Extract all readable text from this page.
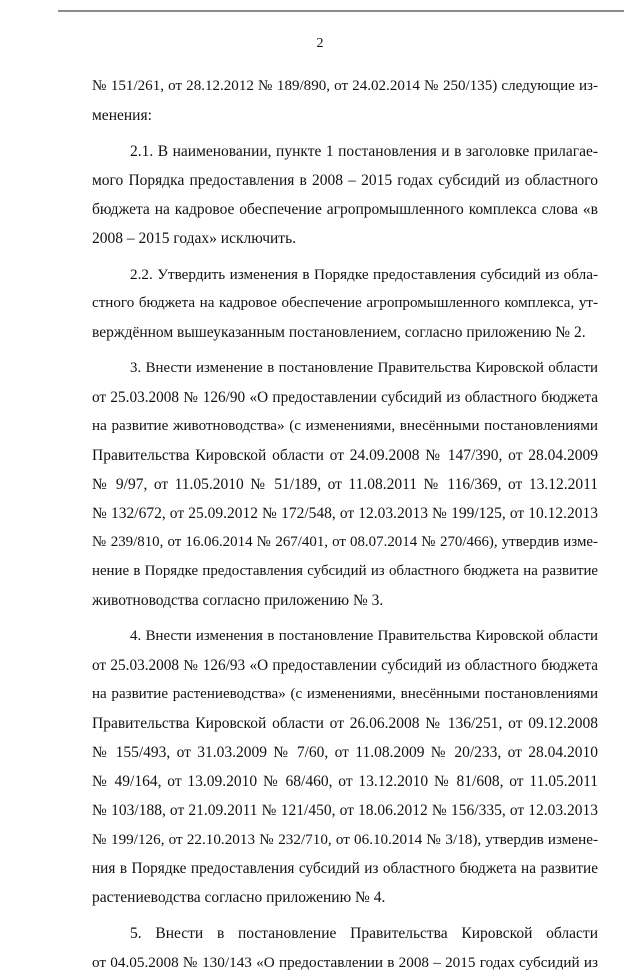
2
№ 151/261, от 28.12.2012 № 189/890, от 24.02.2014 № 250/135) следующие из-
менения:
2.1. В наименовании, пункте 1 постановления и в заголовке прилагае-
мого Порядка предоставления в 2008 – 2015 годах субсидий из областного
бюджета на кадровое обеспечение агропромышленного комплекса слова «в
2008 – 2015 годах» исключить.
2.2. Утвердить изменения в Порядке предоставления субсидий из обла-
стного бюджета на кадровое обеспечение агропромышленного комплекса, ут-
верждённом вышеуказанным постановлением, согласно приложению № 2.
3. Внести изменение в постановление Правительства Кировской области
от 25.03.2008 № 126/90 «О предоставлении субсидий из областного бюджета
на развитие животноводства» (с изменениями, внесёнными постановлениями
Правительства Кировской области от 24.09.2008 № 147/390, от 28.04.2009
№ 9/97, от 11.05.2010 № 51/189, от 11.08.2011 № 116/369, от 13.12.2011
№ 132/672, от 25.09.2012 № 172/548, от 12.03.2013 № 199/125, от 10.12.2013
№ 239/810, от 16.06.2014 № 267/401, от 08.07.2014 № 270/466), утвердив изме-
нение в Порядке предоставления субсидий из областного бюджета на развитие
животноводства согласно приложению № 3.
4. Внести изменения в постановление Правительства Кировской области
от 25.03.2008 № 126/93 «О предоставлении субсидий из областного бюджета
на развитие растениеводства» (с изменениями, внесёнными постановлениями
Правительства Кировской области от 26.06.2008 № 136/251, от 09.12.2008
№ 155/493, от 31.03.2009 № 7/60, от 11.08.2009 № 20/233, от 28.04.2010
№ 49/164, от 13.09.2010 № 68/460, от 13.12.2010 № 81/608, от 11.05.2011
№ 103/188, от 21.09.2011 № 121/450, от 18.06.2012 № 156/335, от 12.03.2013
№ 199/126, от 22.10.2013 № 232/710, от 06.10.2014 № 3/18), утвердив измене-
ния в Порядке предоставления субсидий из областного бюджета на развитие
растениеводства согласно приложению № 4.
5. Внести в постановление Правительства Кировской области
от 04.05.2008 № 130/143 «О предоставлении в 2008 – 2015 годах субсидий из
